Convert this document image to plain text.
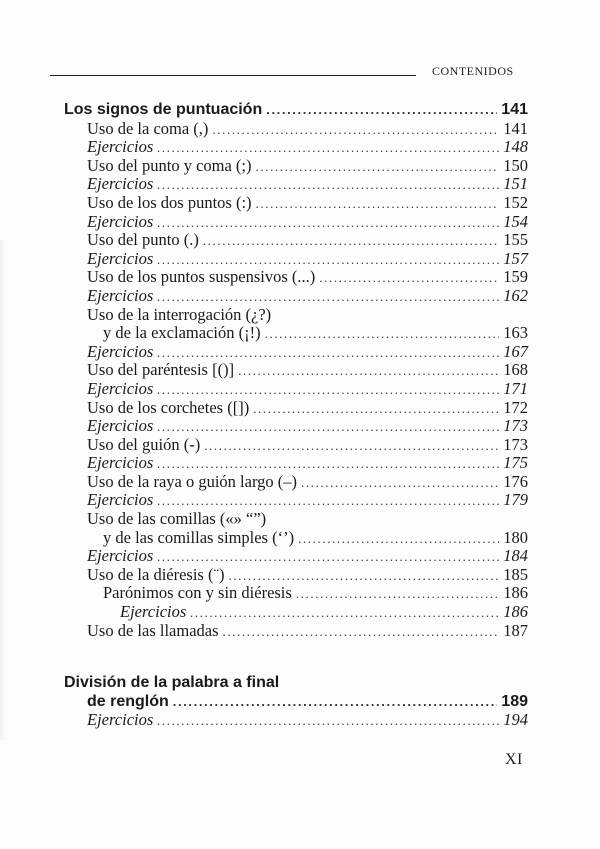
CONTENIDOS
Los signos de puntuación .....	141
Uso de la coma (,) .....	141
Ejercicios .....	148
Uso del punto y coma (;) .....	150
Ejercicios .....	151
Uso de los dos puntos (:) .....	152
Ejercicios .....	154
Uso del punto (.) .....	155
Ejercicios .....	157
Uso de los puntos suspensivos (...) .....	159
Ejercicios .....	162
Uso de la interrogación (¿?)
y de la exclamación (¡!) .....	163
Ejercicios .....	167
Uso del paréntesis [()] .....	168
Ejercicios .....	171
Uso de los corchetes ([]) .....	172
Ejercicios .....	173
Uso del guión (-) .....	173
Ejercicios .....	175
Uso de la raya o guión largo (–) .....	176
Ejercicios .....	179
Uso de las comillas («» “”)
y de las comillas simples (‘’) .....	180
Ejercicios .....	184
Uso de la diéresis (¨) .....	185
Parónimos con y sin diéresis .....	186
Ejercicios .....	186
Uso de las llamadas .....	187
División de la palabra a final
de renglón .....	189
Ejercicios .....	194
XI
